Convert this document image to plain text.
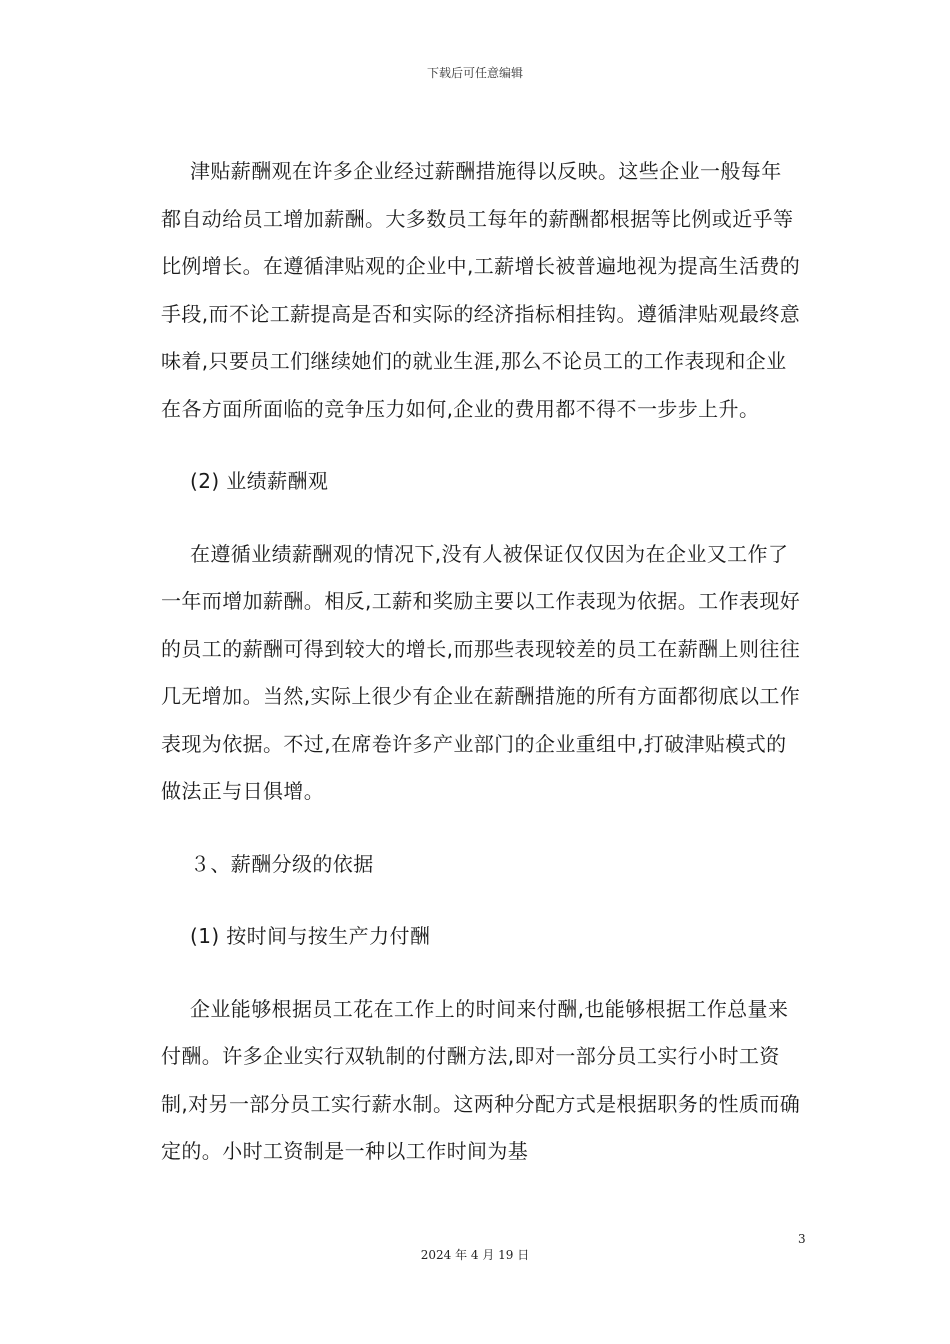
下载后可任意编辑

津贴薪酬观在许多企业经过薪酬措施得以反映。这些企业一般每年都自动给员工增加薪酬。大多数员工每年的薪酬都根据等比例或近乎等比例增长。在遵循津贴观的企业中,工薪增长被普遍地视为提高生活费的手段,而不论工薪提高是否和实际的经济指标相挂钩。遵循津贴观最终意味着,只要员工们继续她们的就业生涯,那么不论员工的工作表现和企业在各方面所面临的竞争压力如何,企业的费用都不得不一步步上升。

(2) 业绩薪酬观

在遵循业绩薪酬观的情况下,没有人被保证仅仅因为在企业又工作了一年而增加薪酬。相反,工薪和奖励主要以工作表现为依据。工作表现好的员工的薪酬可得到较大的增长,而那些表现较差的员工在薪酬上则往往几无增加。当然,实际上很少有企业在薪酬措施的所有方面都彻底以工作表现为依据。不过,在席卷许多产业部门的企业重组中,打破津贴模式的做法正与日俱增。

３、薪酬分级的依据

(1) 按时间与按生产力付酬

企业能够根据员工花在工作上的时间来付酬,也能够根据工作总量来付酬。许多企业实行双轨制的付酬方法,即对一部分员工实行小时工资制,对另一部分员工实行薪水制。这两种分配方式是根据职务的性质而确定的。小时工资制是一种以工作时间为基

3
2024 年 4 月 19 日
